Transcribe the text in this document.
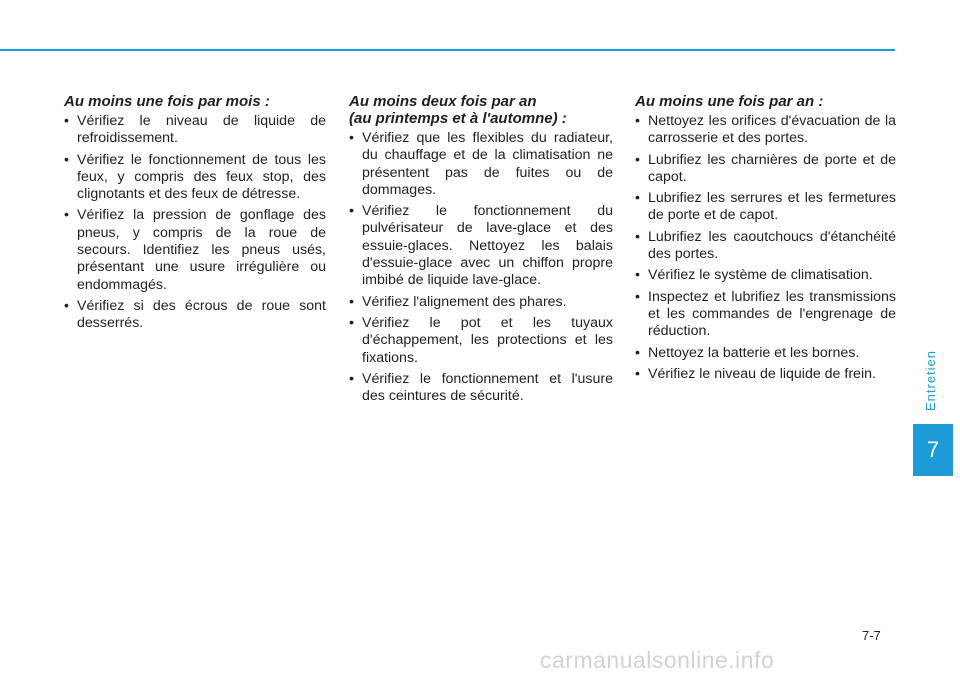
Au moins une fois par mois :
• Vérifiez le niveau de liquide de refroidissement.
• Vérifiez le fonctionnement de tous les feux, y compris des feux stop, des clignotants et des feux de détresse.
• Vérifiez la pression de gonflage des pneus, y compris de la roue de secours. Identifiez les pneus usés, présentant une usure irrégulière ou endommagés.
• Vérifiez si des écrous de roue sont desserrés.
Au moins deux fois par an
(au printemps et à l'automne) :
• Vérifiez que les flexibles du radiateur, du chauffage et de la climatisation ne présentent pas de fuites ou de dommages.
• Vérifiez le fonctionnement du pulvérisateur de lave-glace et des essuie-glaces. Nettoyez les balais d'essuie-glace avec un chiffon propre imbibé de liquide lave-glace.
• Vérifiez l'alignement des phares.
• Vérifiez le pot et les tuyaux d'échappement, les protections et les fixations.
• Vérifiez le fonctionnement et l'usure des ceintures de sécurité.
Au moins une fois par an :
• Nettoyez les orifices d'évacuation de la carrosserie et des portes.
• Lubrifiez les charnières de porte et de capot.
• Lubrifiez les serrures et les fermetures de porte et de capot.
• Lubrifiez les caoutchoucs d'étanchéité des portes.
• Vérifiez le système de climatisation.
• Inspectez et lubrifiez les transmissions et les commandes de l'engrenage de réduction.
• Nettoyez la batterie et les bornes.
• Vérifiez le niveau de liquide de frein.	Entretien
7
7-7
carmanualsonline.info
